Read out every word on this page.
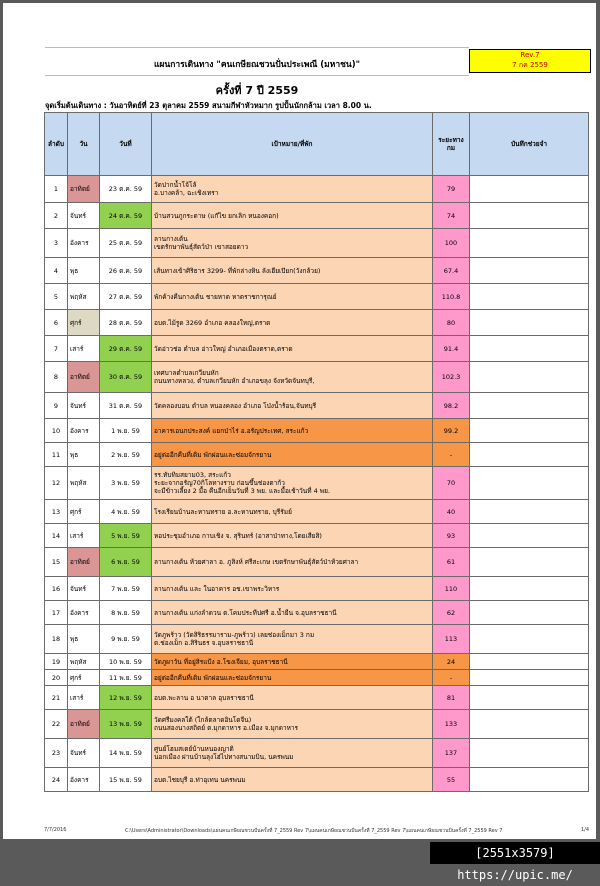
Rev.7
7 กค 2559
แผนการเดินทาง "คนเกษียณชวนปั่นประเพณี (มหาชน)"
ครั้งที่ 7 ปี 2559
จุดเริ่มต้นเดินทาง : วันอาทิตย์ที่ 23 ตุลาคม 2559 สนามกีฬาหัวหมาก รูปปั้นนักกล้าม เวลา 8.00 น.
ลำดับ	วัน	วันที่	เป้าหมาย/ที่พัก	ระยะทาง
กม	บันทึกช่วยจำ
1	อาทิตย์	23 ต.ค. 59	วัดปากน้ำโจ้โล้
อ.บางคล้า, ฉะเชิงเทรา	79	
2	จันทร์	24 ต.ค. 59	บ้านสวนภูกระดาษ (แก๊ไข ยกเลิก หนองคอก)	74	
3	อังคาร	25 ต.ค. 59	ลานกางเต้น
เขตรักษาพันธุ์สัตว์ป่า เขาสอยดาว	100	
4	พุธ	26 ต.ค. 59	เส้นทางเข้าศิริธาร 3299- ที่พักล่างหิน ลังเฮียเป๊ยก(วังกล้วย)	67.4	
5	พฤหัส	27 ต.ค. 59	พักค้างคืนกางเต้น ชายหาด หาดราชการุณย์	110.8	
6	ศุกร์	28 ต.ค. 59	อบต.ไม้รูด 3269 อำเภอ คลองใหญ่,ตราด	80	
7	เสาร์	29 ต.ค. 59	วัดอ่าวช่อ ตำบล อ่าวใหญ่ อำเภอเมืองตราด,ตราด	91.4	
8	อาทิตย์	30 ต.ค. 59	เทศบาลตำบลเกวียนหัก
ถนนทางหลวง, ตำบลเกวียนหัก อำเภอขลุง จังหวัดจันทบุรี,	102.3	
9	จันทร์	31 ต.ค. 59	วัดคลองบอน ตำบล หนองคลอง อำเภอ โป่งน้ำร้อน,จันทบุรี	98.2	
10	อังคาร	1 พ.ย. 59	อาคารเอนกประสงค์ แยกป่าไร่ อ.อรัญประเทศ, สระแก้ว	99.2	
11	พุธ	2 พ.ย. 59	อยู่ต่ออีกคืนที่เดิม พักผ่อนและซ่อมจักรยาน	-	
12	พฤหัส	3 พ.ย. 59	รร.ทับทิมสยาม03, สระแก้ว
ระยะจากอรัญ70กิโลทางราบ ก่อนขึ้นช่องตาก้ว
จะมีข้าวเลี้ยง 2 มื้อ คืนอีกเย็นวันที่ 3 พย. และมื้อเช้าวันที่ 4 พย.	70	
13	ศุกร์	4 พ.ย. 59	โรงเรียนบ้านละหานทราย อ.ละหานทราย, บุรีรัมย์	40	
14	เสาร์	5 พ.ย. 59	หอประชุมอำเภอ กาบเชิง จ. สุรินทร์ (อาสาป่าทาง,โดยเสียสิ)	93	
15	อาทิตย์	6 พ.ย. 59	ลานกางเต้น ห้วยศาลา อ. ภูสิงห์ ศรีสะเกษ เขตรักษาพันธุ์สัตว์ป่าห้วยศาลา	61	
16	จันทร์	7 พ.ย. 59	ลานกางเต้น และ ในอาคาร อช.เขาพระวิหาร	110	
17	อังคาร	8 พ.ย. 59	ลานกางเต้น แก่งลำดวน ต.โคมประทีปศรี อ.น้ำยืน จ.อุบลราชธานี	62	
18	พุธ	9 พ.ย. 59	วัดภูพร้าว (วัดสิริธรรมาราม-ภูพร้าว) เลยช่องเม็กมา 3 กม
ต.ช่องเม็ก อ.สิรินธร จ.อุบลราชธานี	113	
19	พฤหัส	10 พ.ย. 59	วัดภูผาวัน ที่อยู่สิรแป้ง อ.โขงเจียม, อุบลราชธานี	24	
20	ศุกร์	11 พ.ย. 59	อยู่ต่ออีกคืนที่เดิม พักผ่อนและซ่อมจักรยาน	-	
21	เสาร์	12 พ.ย. 59	อบต.พะลาน อ นาตาล อุบลราชธานี	81	
22	อาทิตย์	13 พ.ย. 59	วัดศรีมงคลใต้ (ใกล้ตลาดอินโดจีน)
ถนนสองนางสถิตย์ ต.มุกดาหาร อ.เมือง จ.มุกดาหาร	133	
23	จันทร์	14 พ.ย. 59	ศูนย์โฮมสเตย์บ้านหนองญาติ
นอกเมือง ผ่านบ้านลุงโฮ่ไปทางสนามบิน, นครพนม	137	
24	อังคาร	15 พ.ย. 59	อบต.ไชยบุรี อ.ท่าอุเทน นครพนม	55	
7/7/2016	C:\Users\Administrator\Downloads\แผนคนเกษียณชวนปั่นครั้งที่ 7_2559 Rev 7\แผนคนเกษียณชวนปั่นครั้งที่ 7_2559 Rev 7\แผนคนเกษียณชวนปั่นครั้งที่ 7_2559 Rev 7	1/4
[2551x3579] https://upic.me/
